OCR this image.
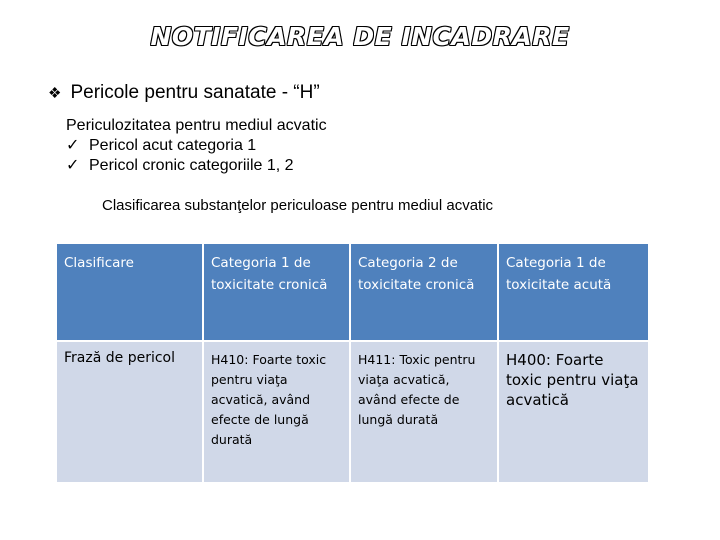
NOTIFICAREA DE INCADRARE
❖ Pericole pentru sanatate - “H”
Periculozitatea pentru mediul acvatic
✓ Pericol acut categoria 1
✓ Pericol cronic categoriile 1, 2
Clasificarea substanţelor periculoase pentru mediul acvatic
Clasificare	Categoria 1 de toxicitate cronică	Categoria 2 de toxicitate cronică	Categoria 1 de toxicitate acută
Frază de pericol	H410: Foarte toxic pentru viaţa acvatică, având efecte de lungă durată	H411: Toxic pentru viaţa acvatică, având efecte de lungă durată	H400: Foarte toxic pentru viaţa acvatică
